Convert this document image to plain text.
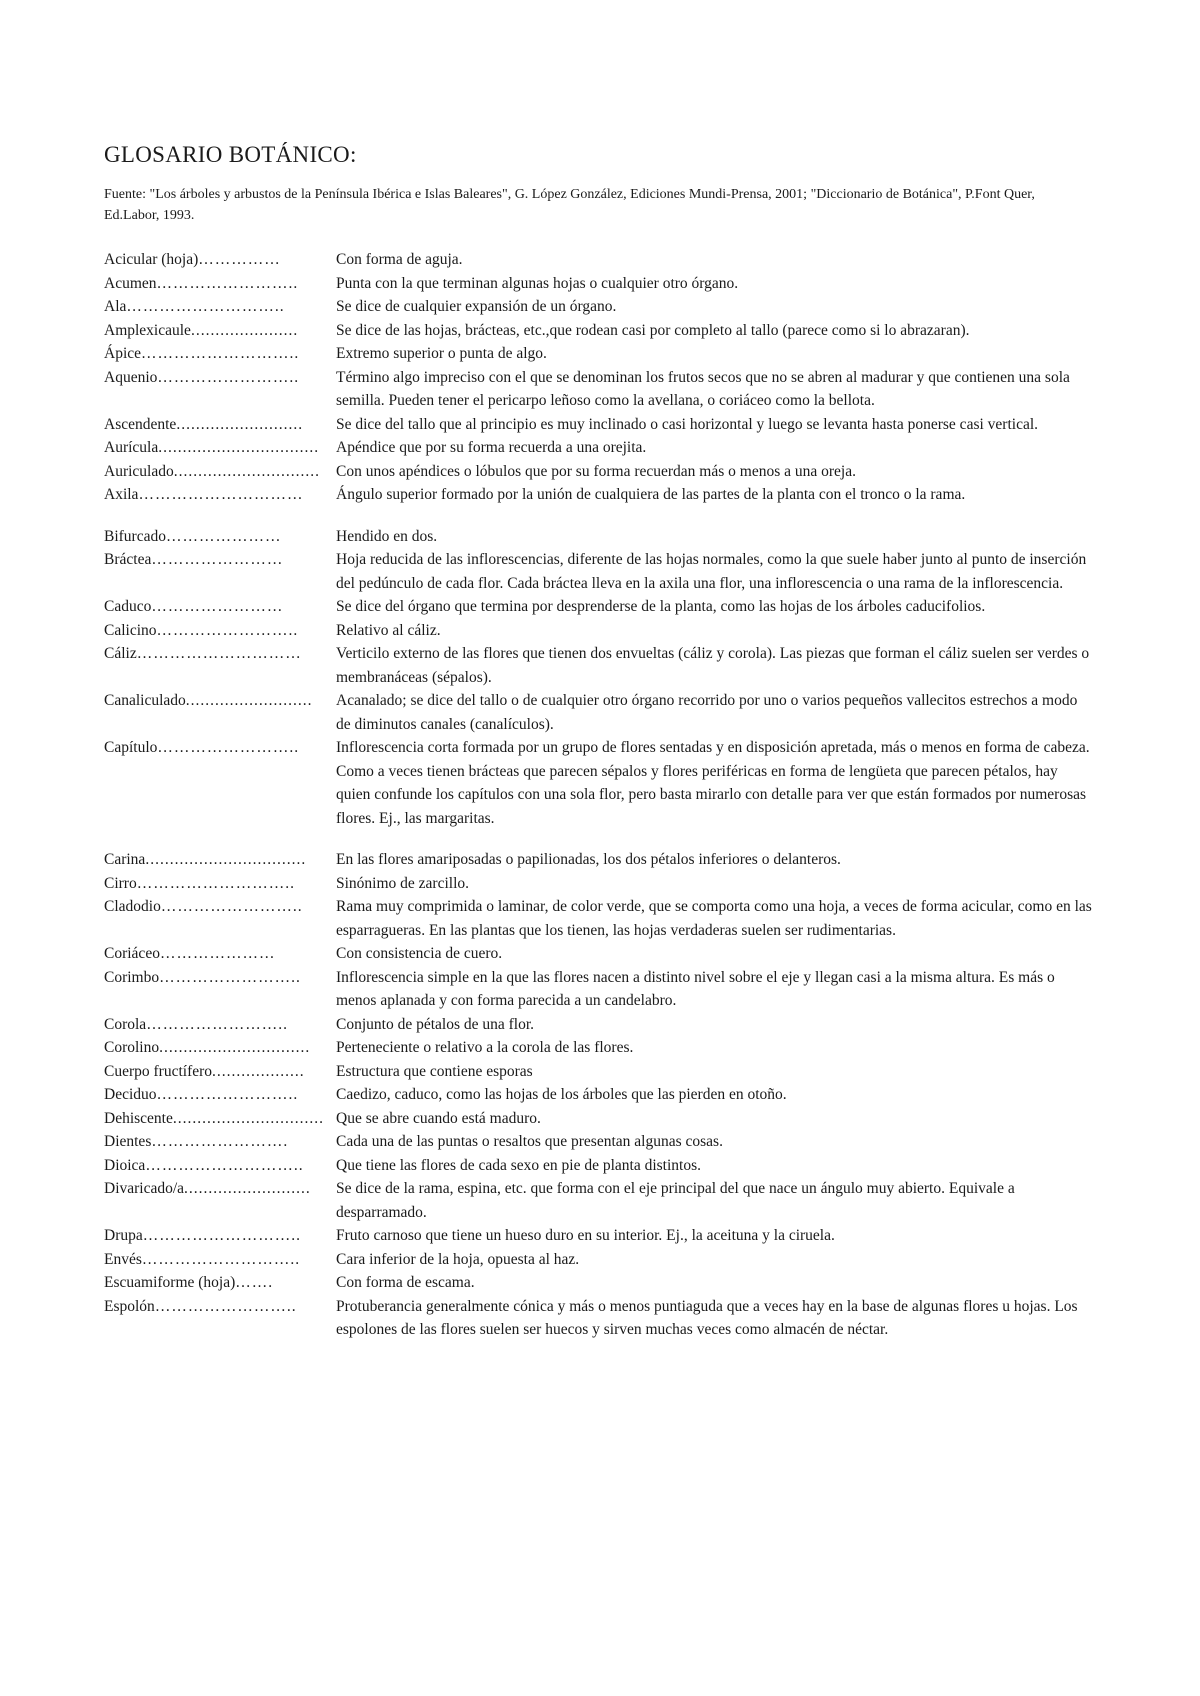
GLOSARIO BOTÁNICO:

Fuente: "Los árboles y arbustos de la Península Ibérica e Islas Baleares", G. López González, Ediciones Mundi-Prensa, 2001; "Diccionario de Botánica", P.Font Quer, Ed.Labor, 1993.

Acicular (hoja)……………	Con forma de aguja.
Acumen……………………..	Punta con la que terminan algunas hojas o cualquier otro órgano.
Ala………………………..	Se dice de cualquier expansión de un órgano.
Amplexicaule......................	Se dice de las hojas, brácteas, etc.,que rodean casi por completo al tallo (parece como si lo abrazaran).
Ápice………………………..	Extremo superior o punta de algo.
Aquenio……………………..	Término algo impreciso con el que se denominan los frutos secos que no se abren al madurar y que contienen una sola semilla. Pueden tener el pericarpo leñoso como la avellana, o coriáceo como la bellota.
Ascendente..........................	Se dice del tallo que al principio es muy inclinado o casi horizontal y luego se levanta hasta ponerse casi vertical.
Aurícula.................................	Apéndice que por su forma recuerda a una orejita.
Auriculado..............................	Con unos apéndices o lóbulos que por su forma recuerdan más o menos a una oreja.
Axila…………………………	Ángulo superior formado por la unión de cualquiera de las partes de la planta con el tronco o la rama.
Bifurcado…………………	Hendido en dos.
Bráctea……………………	Hoja reducida de las inflorescencias, diferente de las hojas normales, como la que suele haber junto al punto de inserción del pedúnculo de cada flor. Cada bráctea lleva en la axila una flor, una inflorescencia o una rama de la inflorescencia.
Caduco……………………	Se dice del órgano que termina por desprenderse de la planta, como las hojas de los árboles caducifolios.
Calicino……………………..	Relativo al cáliz.
Cáliz…………………………	Verticilo externo de las flores que tienen dos envueltas (cáliz y corola). Las piezas que forman el cáliz suelen ser verdes o membranáceas (sépalos).
Canaliculado..........................	Acanalado; se dice del tallo o de cualquier otro órgano recorrido por uno o varios pequeños vallecitos estrechos a modo de diminutos canales (canalículos).
Capítulo……………………..	Inflorescencia corta formada por un grupo de flores sentadas y en disposición apretada, más o menos en forma de cabeza. Como a veces tienen brácteas que parecen sépalos y flores periféricas en forma de lengüeta que parecen pétalos, hay quien confunde los capítulos con una sola flor, pero basta mirarlo con detalle para ver que están formados por numerosas flores. Ej., las margaritas.
Carina.................................	En las flores amariposadas o papilionadas, los dos pétalos inferiores o delanteros.
Cirro………………………..	Sinónimo de zarcillo.
Cladodio……………………..	Rama muy comprimida o laminar, de color verde, que se comporta como una hoja, a veces de forma acicular, como en las esparragueras. En las plantas que los tienen, las hojas verdaderas suelen ser rudimentarias.
Coriáceo…………………	Con consistencia de cuero.
Corimbo……………………..	Inflorescencia simple en la que las flores nacen a distinto nivel sobre el eje y llegan casi a la misma altura. Es más o menos aplanada y con forma parecida a un candelabro.
Corola……………………..	Conjunto de pétalos de una flor.
Corolino...............................	Perteneciente o relativo a la corola de las flores.
Cuerpo fructífero...................	Estructura que contiene esporas
Deciduo……………………..	Caedizo, caduco, como las hojas de los árboles que las pierden en otoño.
Dehiscente............................... Que se abre cuando está maduro.
Dientes…………………….	Cada una de las puntas o resaltos que presentan algunas cosas.
Dioica………………………..	Que tiene las flores de cada sexo en pie de planta distintos.
Divaricado/a..........................	Se dice de la rama, espina, etc. que forma con el eje principal del que nace un ángulo muy abierto. Equivale a desparramado.
Drupa………………………..	Fruto carnoso que tiene un hueso duro en su interior. Ej., la aceituna y la ciruela.
Envés………………………..	Cara inferior de la hoja, opuesta al haz.
Escuamiforme (hoja)…….	Con forma de escama.
Espolón……………………..	Protuberancia generalmente cónica y más o menos puntiaguda que a veces hay en la base de algunas flores u hojas. Los espolones de las flores suelen ser huecos y sirven muchas veces como almacén de néctar.
